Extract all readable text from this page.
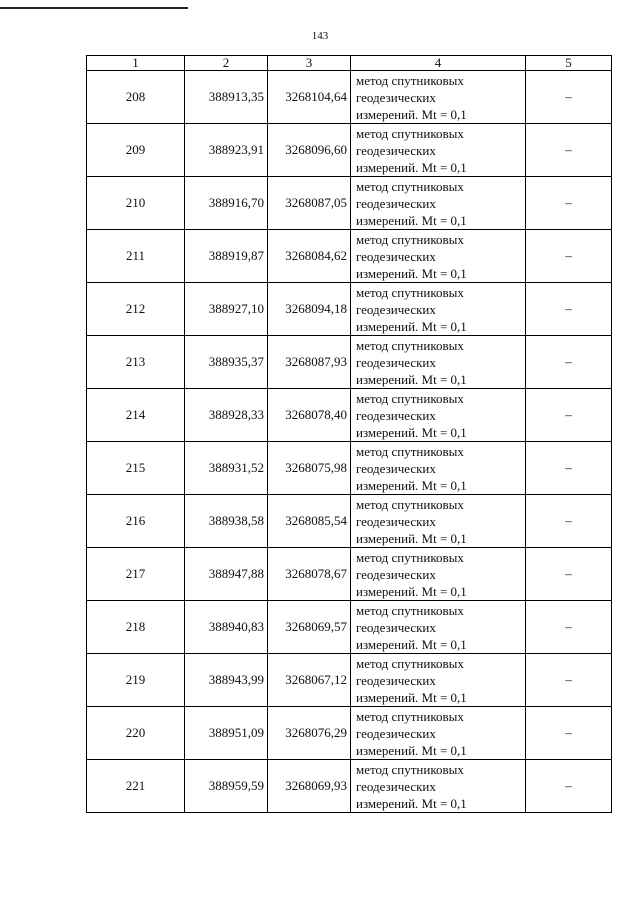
143
1	2	3	4	5
208	388913,35	3268104,64	метод спутниковых
геодезических
измерений. Mt = 0,1	–
209	388923,91	3268096,60	метод спутниковых
геодезических
измерений. Mt = 0,1	–
210	388916,70	3268087,05	метод спутниковых
геодезических
измерений. Mt = 0,1	–
211	388919,87	3268084,62	метод спутниковых
геодезических
измерений. Mt = 0,1	–
212	388927,10	3268094,18	метод спутниковых
геодезических
измерений. Mt = 0,1	–
213	388935,37	3268087,93	метод спутниковых
геодезических
измерений. Mt = 0,1	–
214	388928,33	3268078,40	метод спутниковых
геодезических
измерений. Mt = 0,1	–
215	388931,52	3268075,98	метод спутниковых
геодезических
измерений. Mt = 0,1	–
216	388938,58	3268085,54	метод спутниковых
геодезических
измерений. Mt = 0,1	–
217	388947,88	3268078,67	метод спутниковых
геодезических
измерений. Mt = 0,1	–
218	388940,83	3268069,57	метод спутниковых
геодезических
измерений. Mt = 0,1	–
219	388943,99	3268067,12	метод спутниковых
геодезических
измерений. Mt = 0,1	–
220	388951,09	3268076,29	метод спутниковых
геодезических
измерений. Mt = 0,1	–
221	388959,59	3268069,93	метод спутниковых
геодезических
измерений. Mt = 0,1	–
